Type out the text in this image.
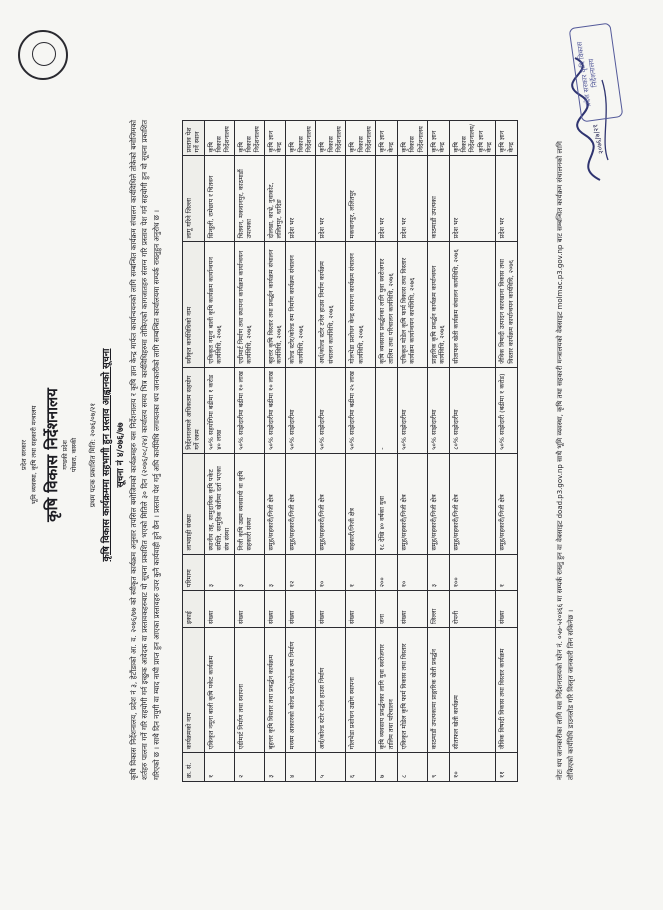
प्रदेश सरकार भूमि व्यवस्था, कृषि तथा सहकारी मन्त्रालय कृषि विकास निर्देशनालय गण्डकी प्रदेश पोखरा, कास्की प्रथम पटक प्रकाशित मिति: २०७६/०७/२१ कृषि विकास कार्यक्रममा सहभागी हुन प्रस्ताव आह्वानको सूचना सूचना नं ४/०७६/७७ कृषि विकास निर्देशनालय, प्रदेश नं ३, हेटौंडाको आ. व. २०७६/७७ को स्वीकृत कार्यक्रम अनुसार तपसिल बमोजिमको कार्यक्रमहरु यस निर्देशनालय र कृषि ज्ञान केन्द्र मार्फत कार्यान्वयनको लागि सम्बन्धित कार्यक्रम संचालन कार्यविधिले तोकेको बमोजिमको शर्तहरु पालना गर्ने गरि सहयोगी गर्न इच्छुक आवेदक वा प्रस्तावकहरुबाट यो सूचना प्रकाशित भएको मितिले ३० दिन (२०७६/०८/२४) कार्यालय समय भित्र कार्यविधिहरुमा तोकिएको कागजातहरु संलग्न गरि प्रस्ताव पेश गर्न सहयोगी हुन यो सूचना प्रकाशित गरिएको छ । साथै दिन नपुगी वा म्याद नाघी प्राप्त हुन आएका प्रस्तावहरु उपर कुनै कार्यवाही हुने छैन । प्रस्ताव पेश गर्नु अघि कार्यविधि लगायतका थप जानकारीको लागि सम्बन्धित कार्यालयमा सम्पर्क राख्नुहुन अनुरोध छ ।	क्र. सं.	कार्यक्रमको नाम	इकाई	परिमाण	लाभग्राही संख्या	निर्देशनालयले अधिकतम सहयोग गर्ने रकम	स्वीकृत कार्यविधिको नाम	लागू गरिने जिल्ला	प्रस्ताव पेश गर्ने स्थान
१	एकिकृत नमूना बाली कृषि पकेट कार्यक्रम	संख्या	३	स्थानीय तह, सामुदायिक कृषि पकेट समिति, सामुहिक खेतीमा दर्ता भएका संघ संस्था	५०% सहयोगिमा बढीमा १ करोड ४० लाख	एकिकृत नमूना बाली कृषि कार्यक्रम कार्यान्वयन कार्यविधि, २०७६	सिन्धुली, रामेछाप र चितवन	कृषि विकास निर्देशनालय
२	एग्रीमार्ट निर्माण तथा स्थापना	संख्या	३	निजी कृषि उद्यम व्यवसायी वा कृषि सहकारी संस्था	५०% साझेदारीमा बढीमा १० लाख	एग्रीमार्ट निर्माण तथा स्थापना कार्यक्रम कार्यान्वयन कार्यविधि, २०७६	चितवन, मकवानपुर, काठमाडौं उपत्यका	कृषि विकास निर्देशनालय
३	बृहत्तर कृषि विस्तार तथा प्रवर्द्धन कार्यक्रम	संख्या	३	समूह/सहकारी/निजी क्षेत्र	५०% साझेदारीमा बढीमा १० लाख	बृहत्तर कृषि विस्तार तथा प्रवर्द्धन कार्यक्रम संचालन कार्यविधि, २०७६	दोलखा, काभ्रे, नुवाकोट, ललितपुर, धादिङ	कृषि ज्ञान केन्द्र
४	मध्यम आकारको कोल्ड स्टोर/कोल्ड रुम निर्माण	संख्या	१२	समूह/सहकारी/निजी क्षेत्र	५०% साझेदारीमा	कोल्ड स्टोर/कोल्ड रुम निर्माण कार्यक्रम संचालन कार्यविधि, २०७६	प्रदेश भर	कृषि विकास निर्देशनालय
५	अर्ध/कोल्ड स्टोर टनेल हाउस निर्माण	संख्या	१०	समूह/सहकारी/निजी क्षेत्र	५०% साझेदारीमा	अर्ध/कोल्ड स्टोर टनेल हाउस निर्माण कार्यक्रम संचालन कार्यविधि, २०७६	प्रदेश भर	कृषि विकास निर्देशनालय
६	गोलभेडा प्रशोधन उद्योग स्थापना	संख्या	१	सहकारी/निजी क्षेत्र	५०% साझेदारीमा बढीमा २५ लाख	गोलभेडा प्रशोधन केन्द्र स्थापना कार्यक्रम संचालन कार्यविधि, २०७६	मकवानपुर, ललितपुर	कृषि विकास निर्देशनालय
७	कृषि व्यवसाय प्रवर्द्धनका लागि युवा स्वरोजगार तालिम तथा परिचालन	जना	२००	१८ देखि ४० वर्षका युवा	-	कृषि व्यवसाय प्रवर्द्धनका लागि युवा स्वरोजगार तालिम तथा परिचालन कार्यविधि, २०७६	प्रदेश भर	कृषि ज्ञान केन्द्र
८	एकिकृत मोडेल कृषि फार्म विकास तथा विस्तार	संख्या	१०	समूह/सहकारी/निजी क्षेत्र	५०% साझेदारीमा	एकिकृत मोडेल कृषि फार्म विकास तथा विस्तार कार्यक्रम कार्यान्वयन कार्यविधि, २०७६	प्रदेश भर	कृषि विकास निर्देशनालय
९	काठमाडौं उपत्यकामा प्राङ्गारिक खेती प्रवर्द्धन	जिल्ला	३	समूह/सहकारी/निजी क्षेत्र	५०% साझेदारीमा	प्राङ्गारिक कृषि प्रवर्द्धन कार्यक्रम कार्यान्वयन कार्यविधि, २०७६	काठमाडौं उपत्यका	कृषि ज्ञान केन्द्र
१०	सीताफल खेती कार्यक्रम	रोपनी	१००	समूह/सहकारी/निजी क्षेत्र	८०% साझेदारीमा	सीताफल खेती कार्यक्रम संचालन कार्यविधि, २०७६	प्रदेश भर	कृषि विकास निर्देशनालय/कृषि ज्ञान केन्द्र
११	जैविक विषादी विकास तथा विस्तार कार्यक्रम	संख्या	१	समूह/सहकारी/निजी क्षेत्र	५०% साझेदारी (बढीमा १ करोड)	जैविक विषादी उत्पादन कारखाना विकास तथा विस्तार कार्यक्रम कार्यान्वयन कार्यविधि, २०७६	प्रदेश भर	कृषि ज्ञान केन्द्र	नोटः थप जानकारीका लागि यस निर्देशनालयको फोन नं. ०५७-५२०४६६ मा सम्पर्क राख्नु हुन वा वेबसाइट doad.p3.gov.np साथै भूमि व्यवस्था, कृषि तथा सहकारी मन्त्रालयको वेबसाइट molmac.p3.gov.np बाट सम्बन्धित कार्यक्रम संचालनको लागि तोकिएको कार्यविधि डाउनलोड गरि विस्तृत जानकारी लिन सकिनेछ ।
प्रदेश सरकार कृषि विकास निर्देशनालय
२०७६/७/२१
